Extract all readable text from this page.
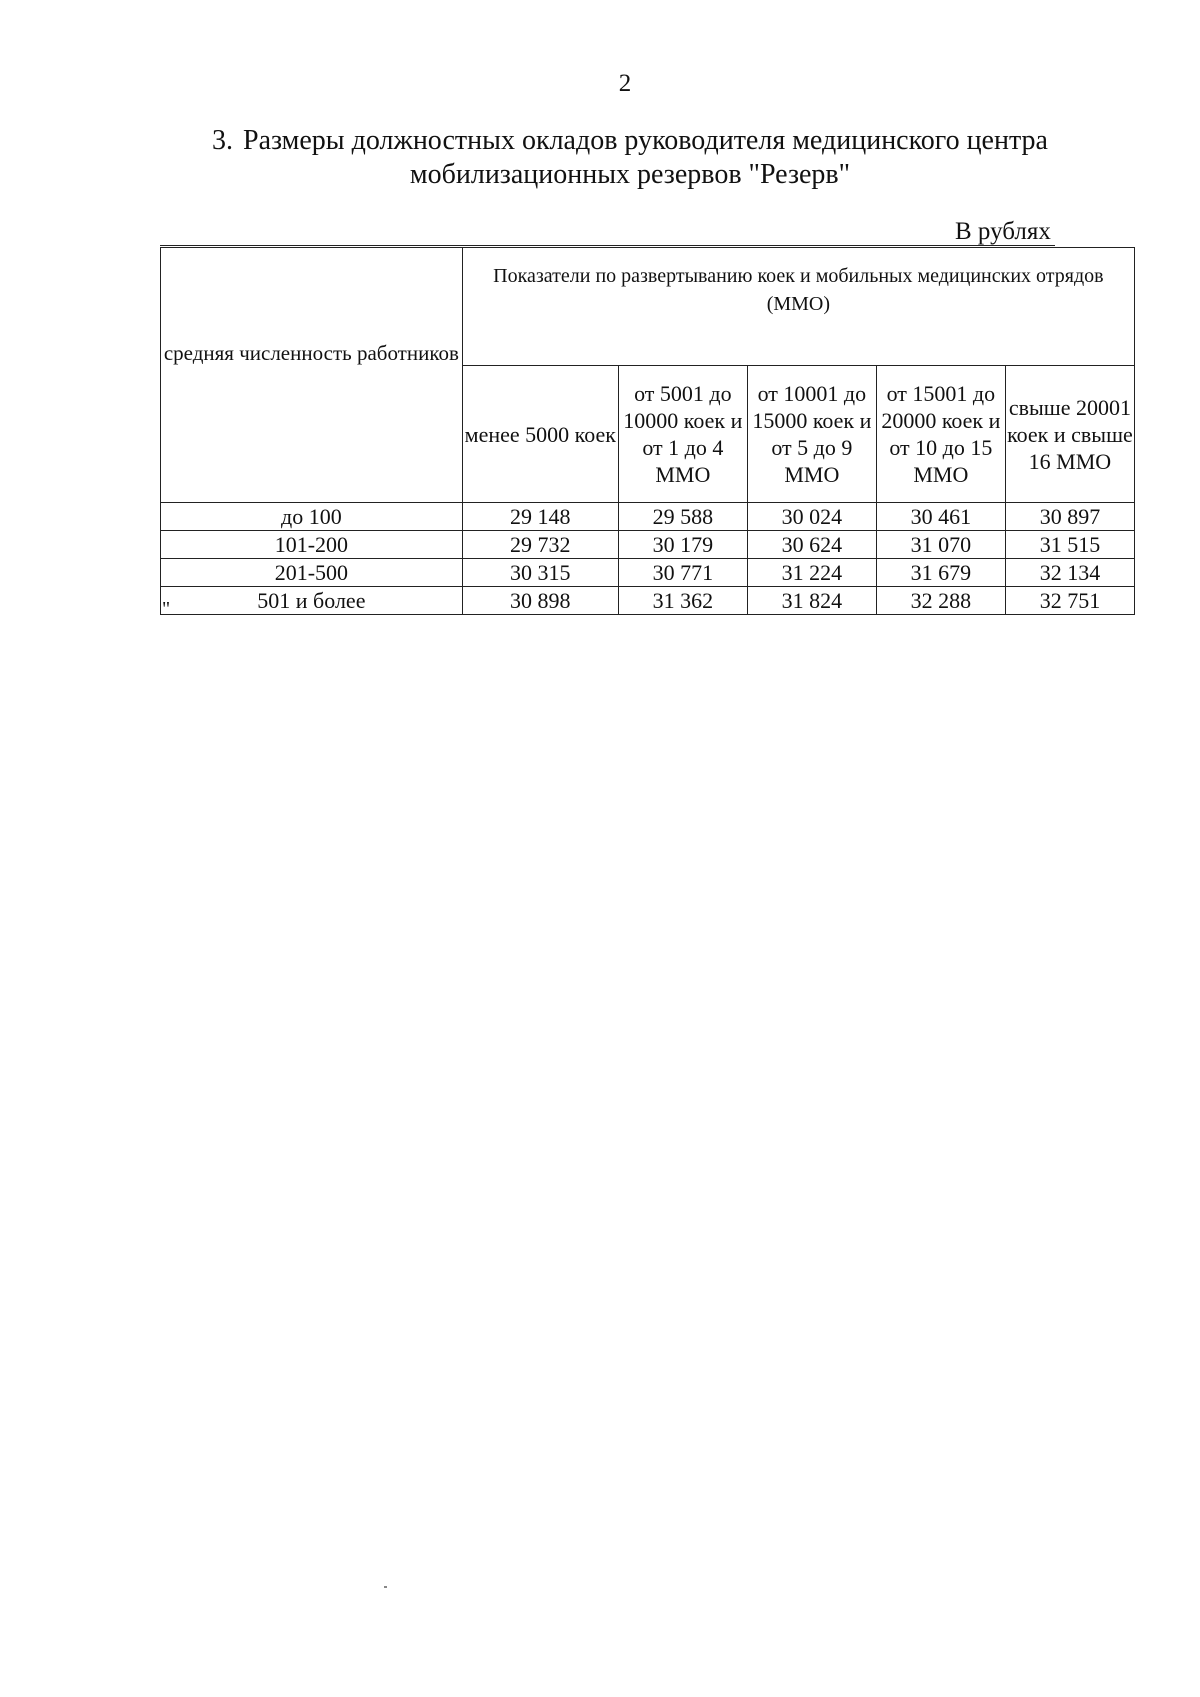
2
3. Размеры должностных окладов руководителя медицинского центра
мобилизационных резервов "Резерв"
В рублях
средняя численность работников	Показатели по развертыванию коек и мобильных медицинских отрядов (ММО)				
	менее 5000 коек	от 5001 до 10000 коек и от 1 до 4 ММО	от 10001 до 15000 коек и от 5 до 9 ММО	от 15001 до 20000 коек и от 10 до 15 ММО	свыше 20001 коек и свыше 16 ММО
до 100	29 148	29 588	30 024	30 461	30 897
101-200	29 732	30 179	30 624	31 070	31 515
201-500	30 315	30 771	31 224	31 679	32 134
501 и более	30 898	31 362	31 824	32 288	32 751
"
